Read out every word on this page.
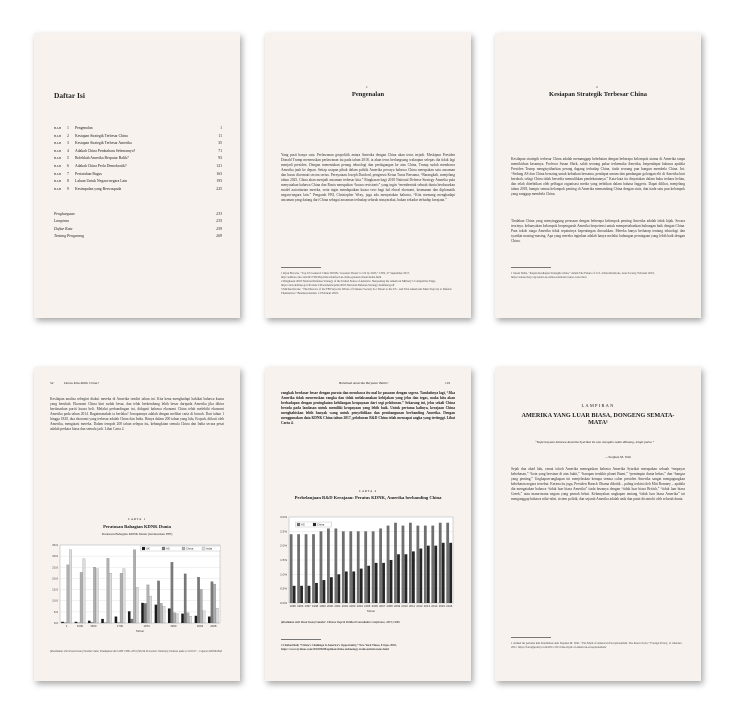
Daftar Isi
BAB	1	Pengenalan	1
BAB	2	Kesiapan Strategik Terbesar China	11
BAB	3	Kesiapan Strategik Terbesar Amerika	35
BAB	4	Adakah China Pembaharu Sebenarnya?	71
BAB	5	Bolehkah Amerika Berputar Balik?	93
BAB	6	Adakah China Perlu Demokratik?	121
BAB	7	Pertaruhan Bagus	163
BAB	8	Laluan Untuk Negara-negara Lain	193
BAB	9	Kesimpulan yang Berwaspada	225
Penghargaan	233
Lampiran	235
Daftar Kata	259
Tentang Pengarang	269
1
Pengenalan
Yang pasti hanya satu. Perlawanan geopolitik antara Amerika dengan China akan terus terjadi. Meskipun Presiden Donald Trump meneruskan perlawanan itu pada tahun 2018, ia akan terus berlangsung walaupun selepas dia tidak lagi menjadi presiden. Dengan menentukan perang teknologi dan perdagangan ke atas China, Trump sudah membawa Amerika jauh ke depan. Setiap ucapan pihak dalam politik Amerika percaya bahawa China merupakan satu ancaman dan harus dicermati secara serius. Pernyataan Joseph Dunford, pengerusi Ketua Turus Bersama, “Barangkali, menjelang tahun 2025, China akan menjadi ancaman terbesar kita.” Ringkasan bagi 2018 National Defense Strategy Amerika pula menyatakan bahawa China dan Rusia merupakan “kuasa revisionis” yang ingin “membentuk sebuah dunia berdasarkan model autoritarian mereka, serta ingin mendapatkan kuasa veto bagi hal ehwal ekonomi, keamanan dan diplomatik negara-negara lain.” Pengarah FBI, Christopher Wray, juga ada menyatakan bahawa, “Kita memang menghadapi ancaman yang datang dari China sebagai ancaman terhadap seluruh masyarakat, bukan sekadar terhadap kerajaan.”
1 Ryan Browne, “Top US General: China Will Be ‘Greatest Threat’ to US by 2025,” CNN, 27 September 2017, http://edition.cnn.com/2017/09/26/politics/dunford-us-china-greatest-threat/index.html
2 Ringkasan 2018 National Defense Strategy of the United States of America: Sharpening the American Military’s Competitive Edge, https://dod.defense.gov/Portals/1/Documents/pubs/2018-National-Defense-Strategy-Summary.pdf
3 Michael Kranz, “The Director of the FBI Says the Whole of Chinese Society Is a Threat to the US - and That Americans Must Step Up to Defend Themselves,” Business Insider, 13 Februari 2018.
2
Kesiapan Strategik Terbesar China
Kesilapan strategik terbesar China adalah memanggap kehebatan dengan beberapa kelompok utama di Amerika tanpa memikirkan kesannya. Profesor Susan Shirk, salah seorang pakar terkemuka Amerika, berpendapat bahawa apabila Presiden Trump mengisytiharkan perang dagang terhadap China, tiada seorang pun bangun membela China. Ini: “Sedang AS dan China bersaing untuk kebaikan bersama, pendapat umum dan pandangan golongan elit di Amerika kini berubah, selagi China tidak bersedia memulihkan pendekatannya.” Kata-kata itu dinyatakan dalam buku terbaru beliau, dan telah diterbitkan oleh pelbagai organisasi media yang terbitkan dalam bahasa Inggeris. Dapat dilihat, menjelang tahun 2018, hampir semua kelompok penting di Amerika memandang China dengan sinis, dan tiada satu pun kelompok yang sanggup membela China.
Tindakan China yang menyinggung perasaan dengan beberapa kelompok penting Amerika adalah tidak bijak. Secara teorinya, kebanyakan kelompok berpengaruh Amerika berpotensi untuk mempertahankan hubungan baik dengan China. Para tokoh niaga Amerika tidak sepatutnya kepentingan dirosakkan. Mereka hanya berharap tentang teknologi dan syarikat masing-masing. Apa yang mereka inginkan adalah hanya melalui hubungan perniagaan yang lebih baik dengan China.
1 Susan Shirk, “Kajian Kesilapan Strategik China,” dalam The Future of U.S.-China Relations, Asia Society, Februari 2019, https://asiasociety.org/center-us-china-relations/course-correction
52	Dunia Kita Milik China?
Kesilapan analisa sebegini diakui mereka di Amerika sendiri tahun ini. Kita kena menghadapi hakikat bahawa kuasa yang berubah. Ekonomi China kini sudah besar, dan telah berkembang lebih besar daripada Amerika jika dikira berdasarkan pariti kuasa beli. Melalui perbandingan ini, didapati bahawa ekonomi China telah melebihi ekonomi Amerika pada tahun 2014. Bagaimanakah ia berlaku? Jawapannya adalah dengan melihat carta di bawah. Dari tahun 1 hingga 1820, dua ekonomi yang terbesar adalah China dan India. Hanya dalam 200 tahun yang lalu, Eropah, diikuti oleh Amerika, mengatasi mereka. Dalam tempoh 200 tahun selepas itu, kebangkitan semula China dan India secara pesat adalah perkara biasa dan semula jadi. Lihat Carta 2.
CARTA 1
Peratusan Bahagian KDNK Dunia
Peratusan Bahagian KDNK Dunia (berdasarkan PPP)
0.0
5.0
10.0
15.0
20.0
25.0
30.0
35.0
1	1000	1500	1700	1870	1950	2003	2008
Tahun
UK	AS	China	India
(disediakan oleh Pusat Insan) Sumber data: Diadaptasi dari IMF 1980–2019 (World Economic Outlook); Diakses pada 2/11/2017 – Cajaran KDNK Bali
Bolehkah Amerika Berputar Balik?	119
rangkak berdasar besar dengan purata dan membawa itu mal ke pasaran dengan segera. Tambahnya lagi, “Jika Amerika tidak meneruskan rangka dan tidak melaksanakan kebijakan yang jelas dan tegas, maka kita akan berhadapan dengan peningkatan kehilangan keupayaan dari segi pelaburan.” Sekarang ini, jelas sekali China berada pada landasan untuk memiliki keupayaan yang lebih baik. Untuk pertama kalinya, kerajaan China menghabiskan lebih banyak wang untuk penyelidikan dan pembangunan berbanding Amerika. Dengan menggunakan data KDNK China tahun 2017, pelaburan R&D China telah mencapai angka yang tertinggi. Lihat Carta 4.
CARTA 4
Perbelanjaan R&D Kerajaan: Peratus KDNK, Amerika berbanding China
0.0%
0.5%
1.0%
1.5%
2.0%
2.5%
3.0%
1995 1996 1997 1998 1999 2000 2001 2002 2003 2004 2005 2006 2007 2008 2009 2010 2011 2012 2013 2014 2015 2016
Tahun
AS	China
(disediakan oleh Pusat Insan) Sumber: Chinese Dept & Political Consultative Conference, 2015; CIRS
21 Rafael Reif, “China’s Challenge Is America’s Opportunity,” New York Times, 8 Ogos 2018, https://www.nytimes.com/2018/08/08/opinion/china-technology-trade-united-states.html
LAMPIRAN
AMERIKA YANG LUAR BIASA, DONGENG SEMATA-MATA¹
“Kepercayaan bahawa Amerika Syarikat itu unu mungkin salah dibuang, tetapi palsu.”
—Stephen M. Walt
Sejak dua abad lalu, ramai tokoh Amerika menegaskan bahawa Amerika Syarikat merupakan sebuah “empayar kebebasan,” “kota yang bersinar di atas bukit,” “harapan terakhir planet Bumi,” “pemimpin dunia bebas,” dan “bangsa yang penting.” Ungkapan-ungkapan ini menjelaskan kenapa semua calon presiden Amerika sangat mengagungkan kehebatan negara tersebut. Kerana itu juga, Presiden Barack Obama dikritik – paling terkini oleh Mitt Romney – apabila dia mengatakan bahawa “tidak luar biasa Amerika” tiada bezanya dengan “tidak luar biasa British,” “tidak luar biasa Greek,” atau mana-mana negara yang pernah hebat. Kebanyakan ungkapan tentang “tidak luar biasa Amerika” ini menganggap bahawa nilai-nilai, sistem politik, dan sejarah Amerika adalah unik dan patut dicontohi oleh seluruh dunia.
1 Artikel ini pertama kali diterbitkan oleh Stephen M. Walt, “The Myth of American Exceptionalism. The Inner Circle,” Foreign Policy, 11 Oktober 2011, https://foreignpolicy.com/2011/10/11/the-myth-of-american-exceptionalism/
